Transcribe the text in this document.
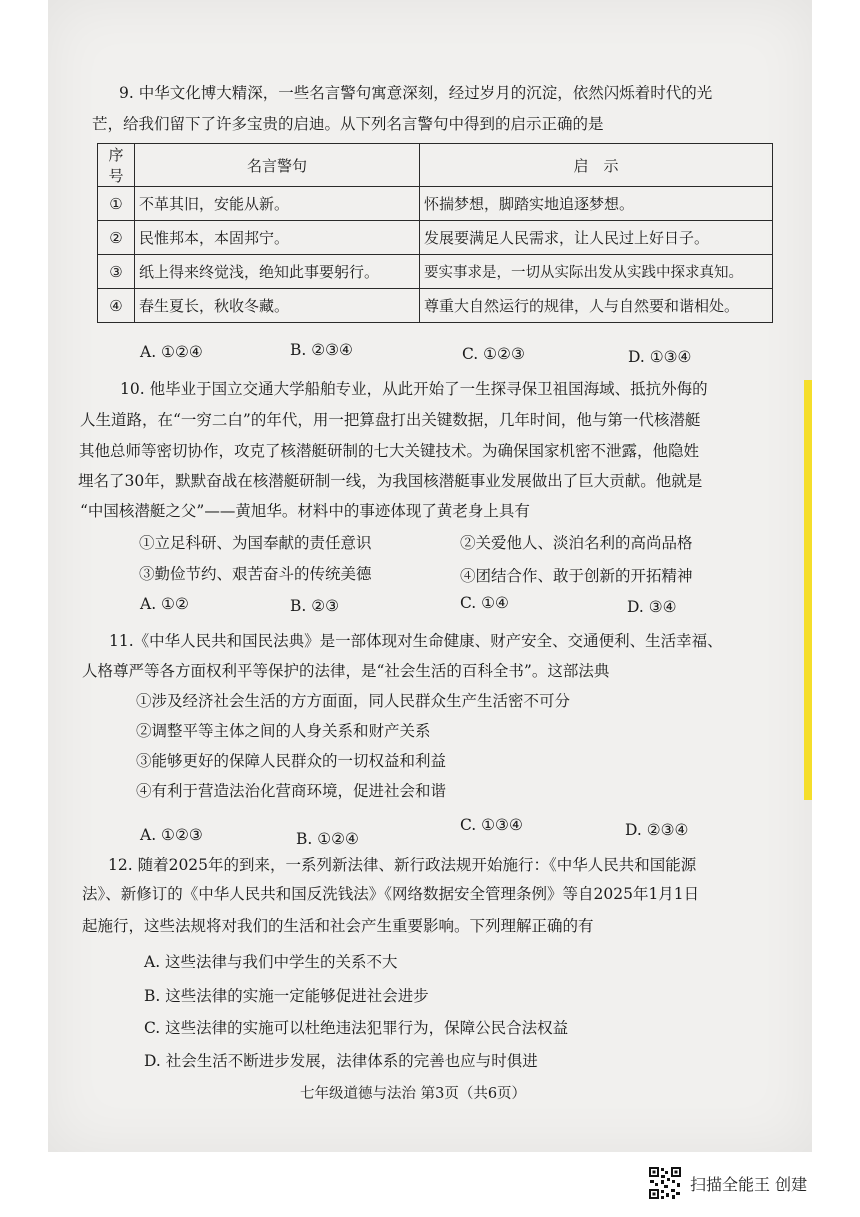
9. 中华文化博大精深，一些名言警句寓意深刻，经过岁月的沉淀，依然闪烁着时代的光
芒，给我们留下了许多宝贵的启迪。从下列名言警句中得到的启示正确的是
序号	名言警句	启　示
①	不革其旧，安能从新。	怀揣梦想，脚踏实地追逐梦想。
②	民惟邦本，本固邦宁。	发展要满足人民需求，让人民过上好日子。
③	纸上得来终觉浅，绝知此事要躬行。	要实事求是，一切从实际出发从实践中探求真知。
④	春生夏长，秋收冬藏。	尊重大自然运行的规律，人与自然要和谐相处。
A. ①②④	B. ②③④	C. ①②③	D. ①③④
10. 他毕业于国立交通大学船舶专业，从此开始了一生探寻保卫祖国海域、抵抗外侮的
人生道路，在“一穷二白”的年代，用一把算盘打出关键数据，几年时间，他与第一代核潜艇
其他总师等密切协作，攻克了核潜艇研制的七大关键技术。为确保国家机密不泄露，他隐姓
埋名了30年，默默奋战在核潜艇研制一线，为我国核潜艇事业发展做出了巨大贡献。他就是
“中国核潜艇之父”——黄旭华。材料中的事迹体现了黄老身上具有
①立足科研、为国奉献的责任意识	②关爱他人、淡泊名利的高尚品格
③勤俭节约、艰苦奋斗的传统美德	④团结合作、敢于创新的开拓精神
A. ①②	B. ②③	C. ①④	D. ③④
11.《中华人民共和国民法典》是一部体现对生命健康、财产安全、交通便利、生活幸福、
人格尊严等各方面权利平等保护的法律，是“社会生活的百科全书”。这部法典
①涉及经济社会生活的方方面面，同人民群众生产生活密不可分
②调整平等主体之间的人身关系和财产关系
③能够更好的保障人民群众的一切权益和利益
④有利于营造法治化营商环境，促进社会和谐
A. ①②③	B. ①②④
C. ①③④	D. ②③④
12. 随着2025年的到来，一系列新法律、新行政法规开始施行：《中华人民共和国能源
法》、新修订的《中华人民共和国反洗钱法》《网络数据安全管理条例》等自2025年1月1日
起施行，这些法规将对我们的生活和社会产生重要影响。下列理解正确的有
A. 这些法律与我们中学生的关系不大
B. 这些法律的实施一定能够促进社会进步
C. 这些法律的实施可以杜绝违法犯罪行为，保障公民合法权益
D. 社会生活不断进步发展，法律体系的完善也应与时俱进
七年级道德与法治 第3页（共6页）
扫描全能王 创建
